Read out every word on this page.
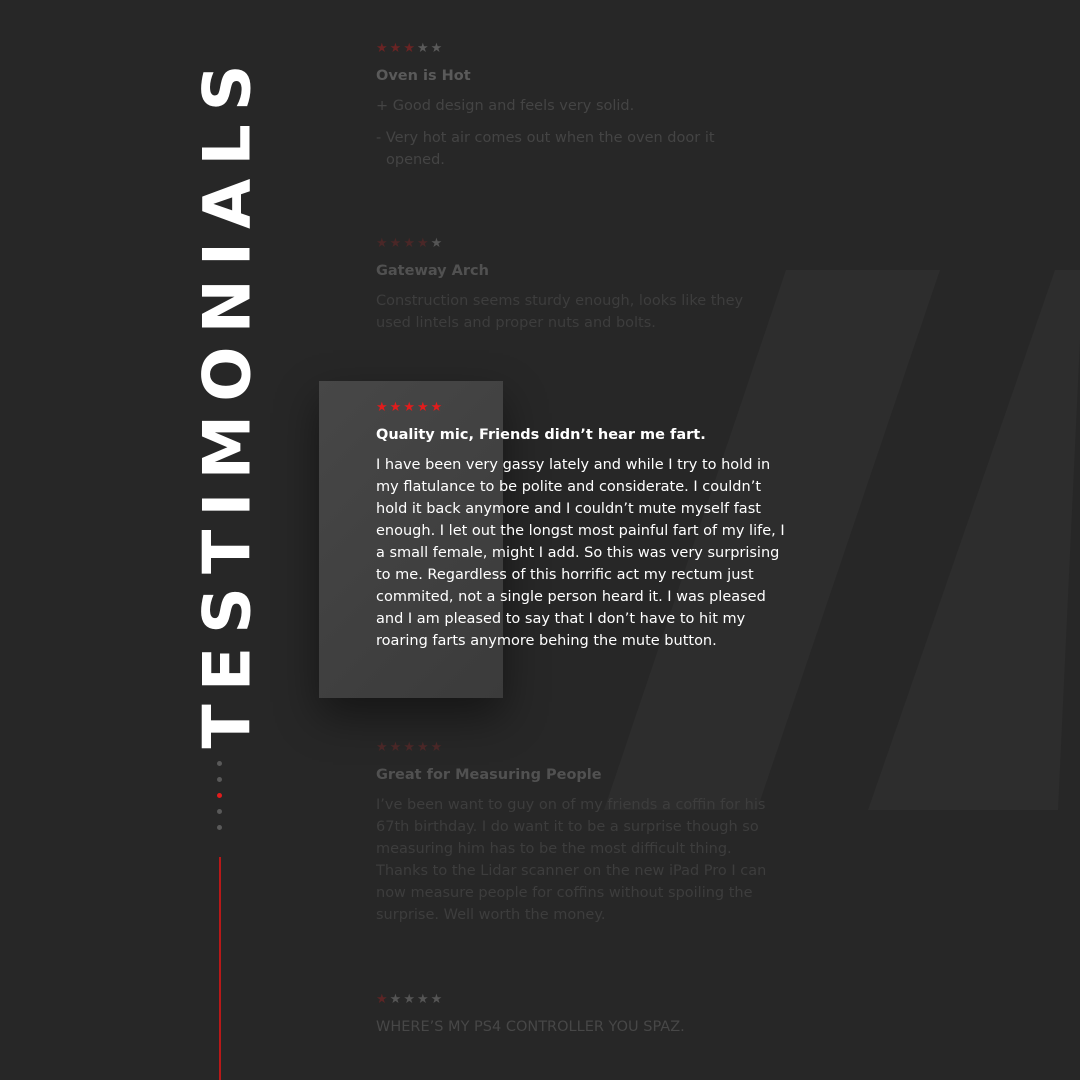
TESTIMONIALS
★★★★★
Oven is Hot

+ Good design and feels very solid.

- Very hot air comes out when the oven door it opened.

★★★★★
Gateway Arch

Construction seems sturdy enough, looks like they used lintels and proper nuts and bolts.

★★★★★
Quality mic, Friends didn’t hear me fart.

I have been very gassy lately and while I try to hold in my flatulance to be polite and considerate. I couldn’t hold it back anymore and I couldn’t mute myself fast enough. I let out the longst most painful fart of my life, I a small female, might I add. So this was very surprising to me. Regardless of this horrific act my rectum just commited, not a single person heard it. I was pleased and I am pleased to say that I don’t have to hit my roaring farts anymore behing the mute button.

★★★★★
Great for Measuring People

I’ve been want to guy on of my friends a coffin for his 67th birthday. I do want it to be a surprise though so measuring him has to be the most difficult thing. Thanks to the Lidar scanner on the new iPad Pro I can now measure people for coffins without spoiling the surprise. Well worth the money.

★★★★★

WHERE’S MY PS4 CONTROLLER YOU SPAZ.
